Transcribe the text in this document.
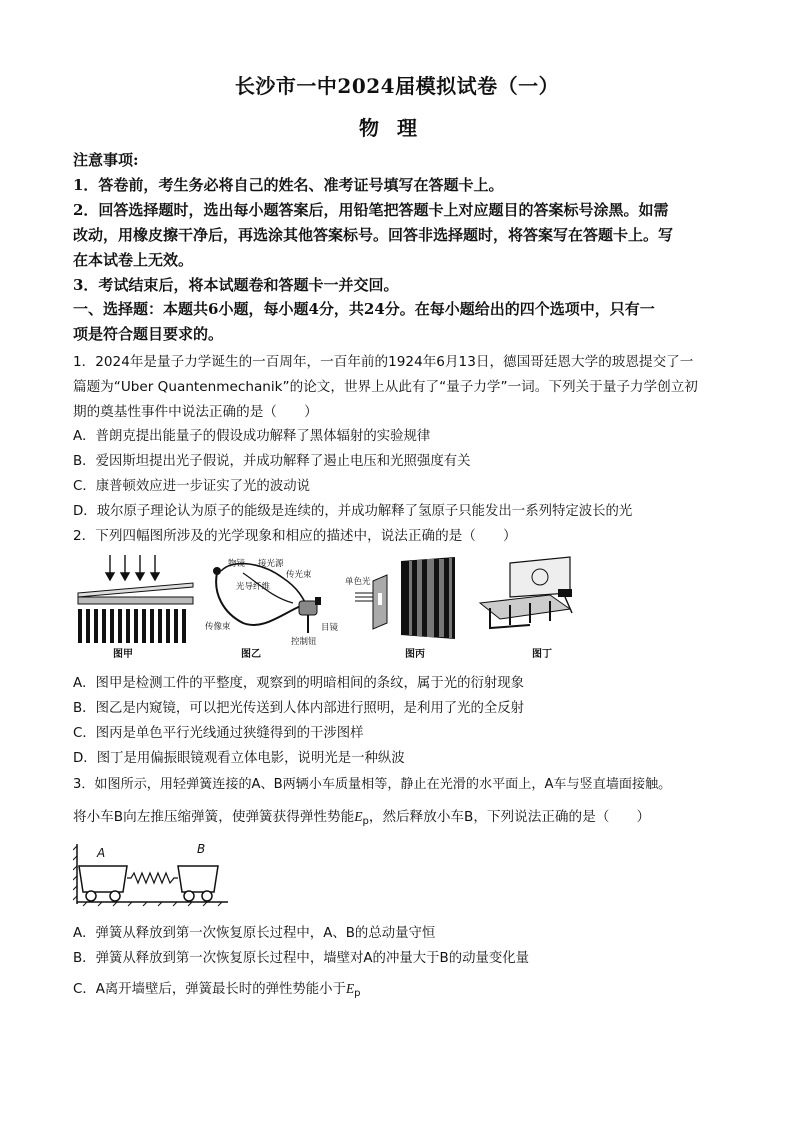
长沙市一中2024届模拟试卷（一）
物理
注意事项:
1．答卷前，考生务必将自己的姓名、准考证号填写在答题卡上。
2．回答选择题时，选出每小题答案后，用铅笔把答题卡上对应题目的答案标号涂黑。如需
改动，用橡皮擦干净后，再选涂其他答案标号。回答非选择题时，将答案写在答题卡上。写
在本试卷上无效。
3．考试结束后，将本试题卷和答题卡一并交回。
一、选择题：本题共6小题，每小题4分，共24分。在每小题给出的四个选项中，只有一
项是符合题目要求的。
1．2024年是量子力学诞生的一百周年，一百年前的1924年6月13日，德国哥廷恩大学的玻恩提交了一
篇题为“Uber Quantenmechanik”的论文，世界上从此有了“量子力学”一词。下列关于量子力学创立初
期的奠基性事件中说法正确的是（　　）
A．普朗克提出能量子的假设成功解释了黑体辐射的实验规律
B．爱因斯坦提出光子假说，并成功解释了遏止电压和光照强度有关
C．康普顿效应进一步证实了光的波动说
D．玻尔原子理论认为原子的能级是连续的，并成功解释了氢原子只能发出一系列特定波长的光
2．下列四幅图所涉及的光学现象和相应的描述中，说法正确的是（　　）
图甲
物镜 接光源
传光束
光导纤维
传像束	目镜
控制钮
图乙
单色光
图丙	图丁
A．图甲是检测工件的平整度，观察到的明暗相间的条纹，属于光的衍射现象
B．图乙是内窥镜，可以把光传送到人体内部进行照明，是利用了光的全反射
C．图丙是单色平行光线通过狭缝得到的干涉图样
D．图丁是用偏振眼镜观看立体电影，说明光是一种纵波
3．如图所示，用轻弹簧连接的A、B两辆小车质量相等，静止在光滑的水平面上，A车与竖直墙面接触。
将小车B向左推压缩弹簧，使弹簧获得弹性势能$E_p$，然后释放小车B，下列说法正确的是（　　）
A	B
A．弹簧从释放到第一次恢复原长过程中，A、B的总动量守恒
B．弹簧从释放到第一次恢复原长过程中，墙壁对A的冲量大于B的动量变化量
C．A离开墙壁后，弹簧最长时的弹性势能小于$E_p$
